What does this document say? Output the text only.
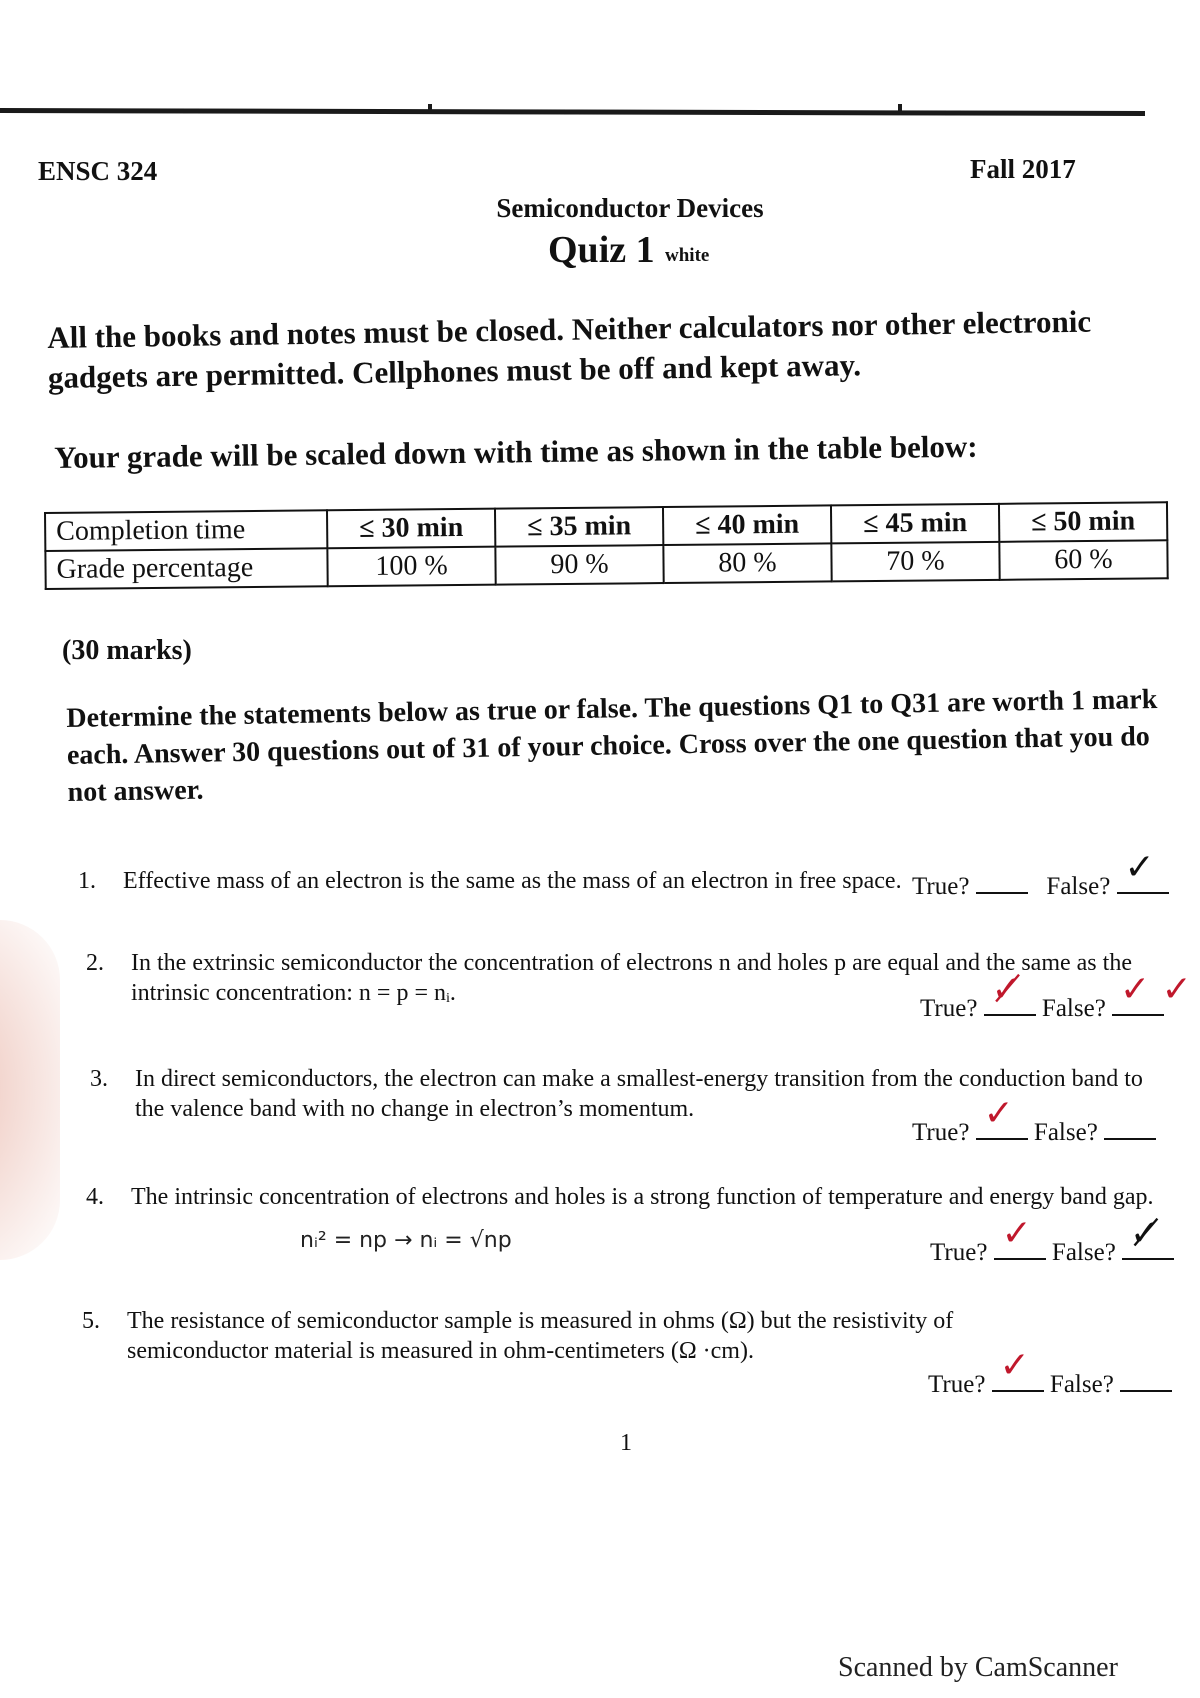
ENSC 324	Fall 2017
Semiconductor Devices
Quiz 1 white
All the books and notes must be closed. Neither calculators nor other electronic gadgets are permitted. Cellphones must be off and kept away.
Your grade will be scaled down with time as shown in the table below:
Completion time	≤ 30 min	≤ 35 min	≤ 40 min	≤ 45 min	≤ 50 min
Grade percentage	100 %	90 %	80 %	70 %	60 %
(30 marks)
Determine the statements below as true or false. The questions Q1 to Q31 are worth 1 mark each. Answer 30 questions out of 31 of your choice. Cross over the one question that you do not answer.
1.	Effective mass of an electron is the same as the mass of an electron in free space. True?	False? ✓
2.	In the extrinsic semiconductor the concentration of electrons n and holes p are equal and the same as the intrinsic concentration: n = p = nᵢ.
True? ✓̸ False? ✓ ✓
3.	In direct semiconductors, the electron can make a smallest-energy transition from the conduction band to the valence band with no change in electron’s momentum.
True? ✓ False?
4.	The intrinsic concentration of electrons and holes is a strong function of temperature and energy band gap.
nᵢ² = np → nᵢ = √np	True? ✓ False? ✓̸
5.	The resistance of semiconductor sample is measured in ohms (Ω) but the resistivity of semiconductor material is measured in ohm-centimeters (Ω ·cm).
True? ✓ False?
1
Scanned by CamScanner
